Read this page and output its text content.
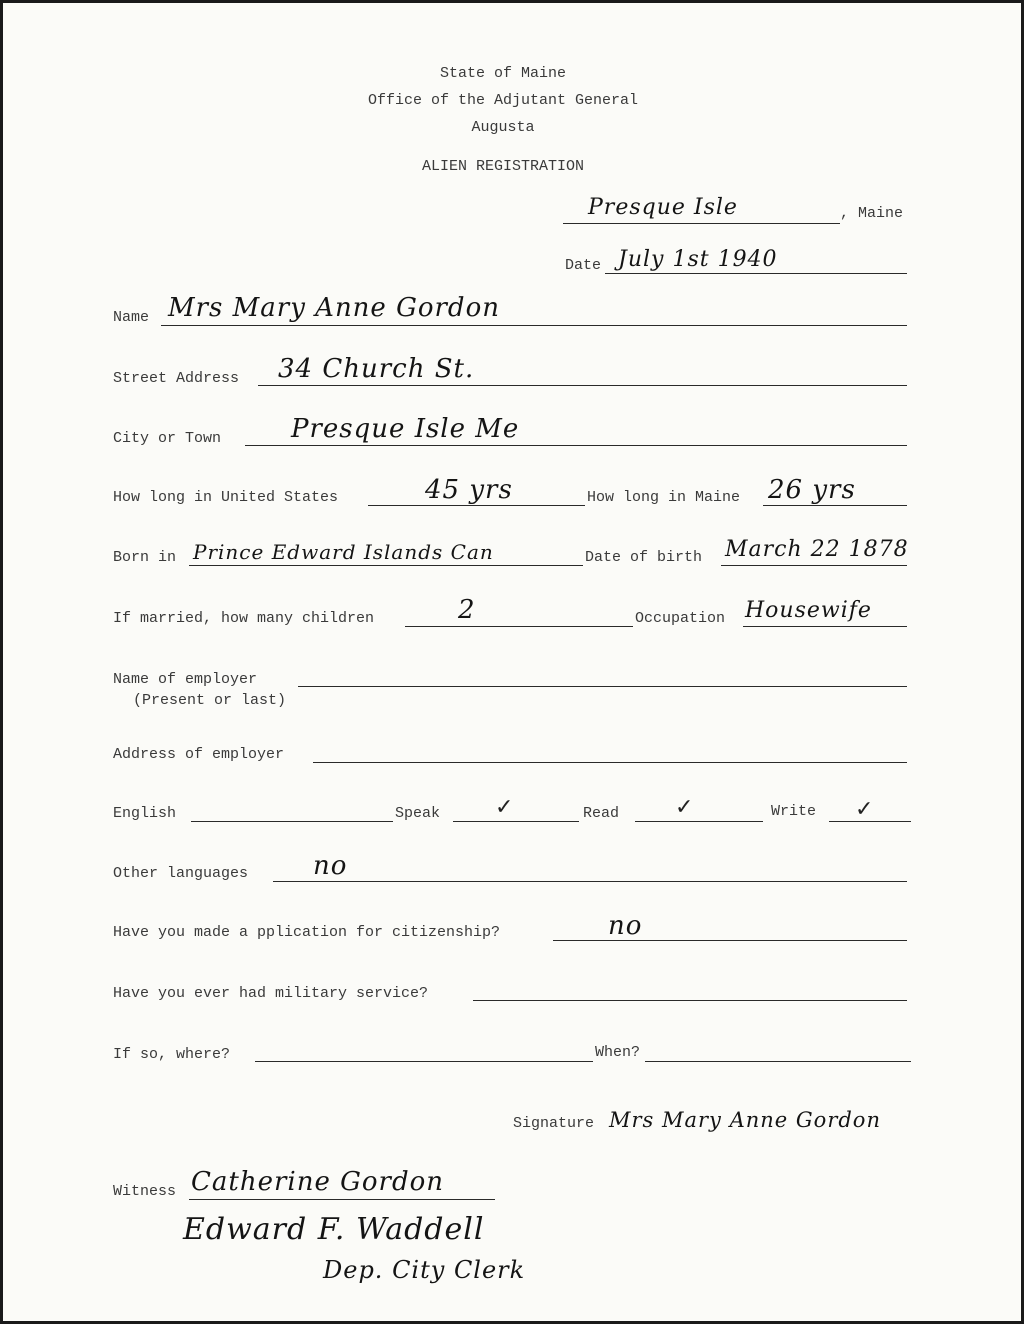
State of Maine
Office of the Adjutant General
Augusta
ALIEN REGISTRATION
Presque Isle	, Maine
Date July 1st 1940
Name Mrs Mary Anne Gordon
Street Address 34 Church St.
City or Town	Presque Isle Me
How long in United States	45 yrs	How long in Maine 26 yrs
Born in Prince Edward Islands Can	Date of birth March 22 1878
If married, how many children	2	Occupation Housewife
Name of employer
(Present or last)
Address of employer
English	Speak ✓	Read	✓	Write ✓
Other languages no
Have you made a pplication for citizenship?	no
Have you ever had military service?
If so, where?	When?
Signature Mrs Mary Anne Gordon
Witness Catherine Gordon
Edward F. Waddell
Dep. City Clerk
